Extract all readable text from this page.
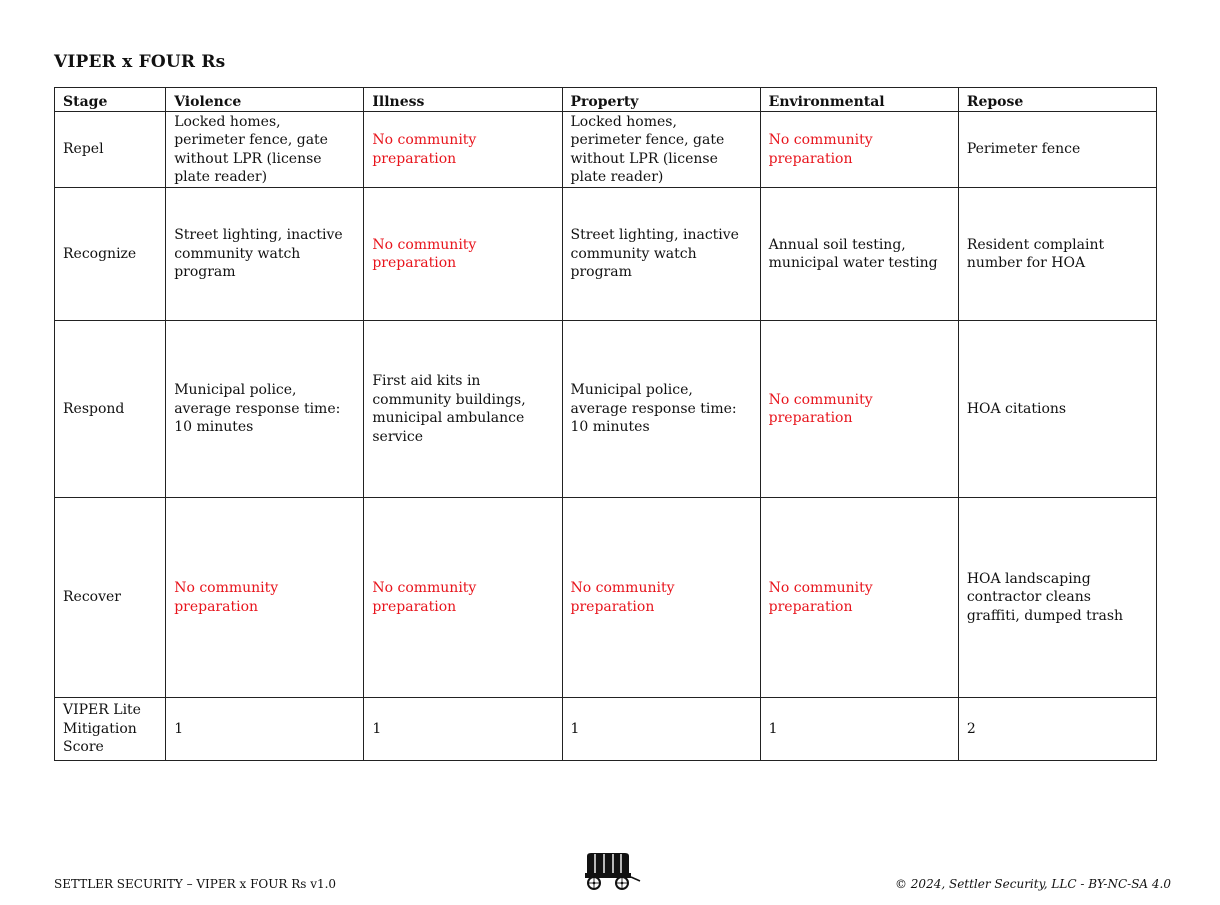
VIPER x FOUR Rs
Stage	Violence	Illness	Property	Environmental	Repose
Repel	Locked homes, perimeter fence, gate without LPR (license plate reader)	No community preparation	Locked homes, perimeter fence, gate without LPR (license plate reader)	No community preparation	Perimeter fence
Recognize	Street lighting, inactive community watch program	No community preparation	Street lighting, inactive community watch program	Annual soil testing, municipal water testing	Resident complaint number for HOA
Respond	Municipal police, average response time: 10 minutes	First aid kits in community buildings, municipal ambulance service	Municipal police, average response time: 10 minutes	No community preparation	HOA citations
Recover	No community preparation	No community preparation	No community preparation	No community preparation	HOA landscaping contractor cleans graffiti, dumped trash
VIPER Lite Mitigation Score	1	1	1	1	2
SETTLER SECURITY – VIPER x FOUR Rs v1.0	© 2024, Settler Security, LLC - BY-NC-SA 4.0
